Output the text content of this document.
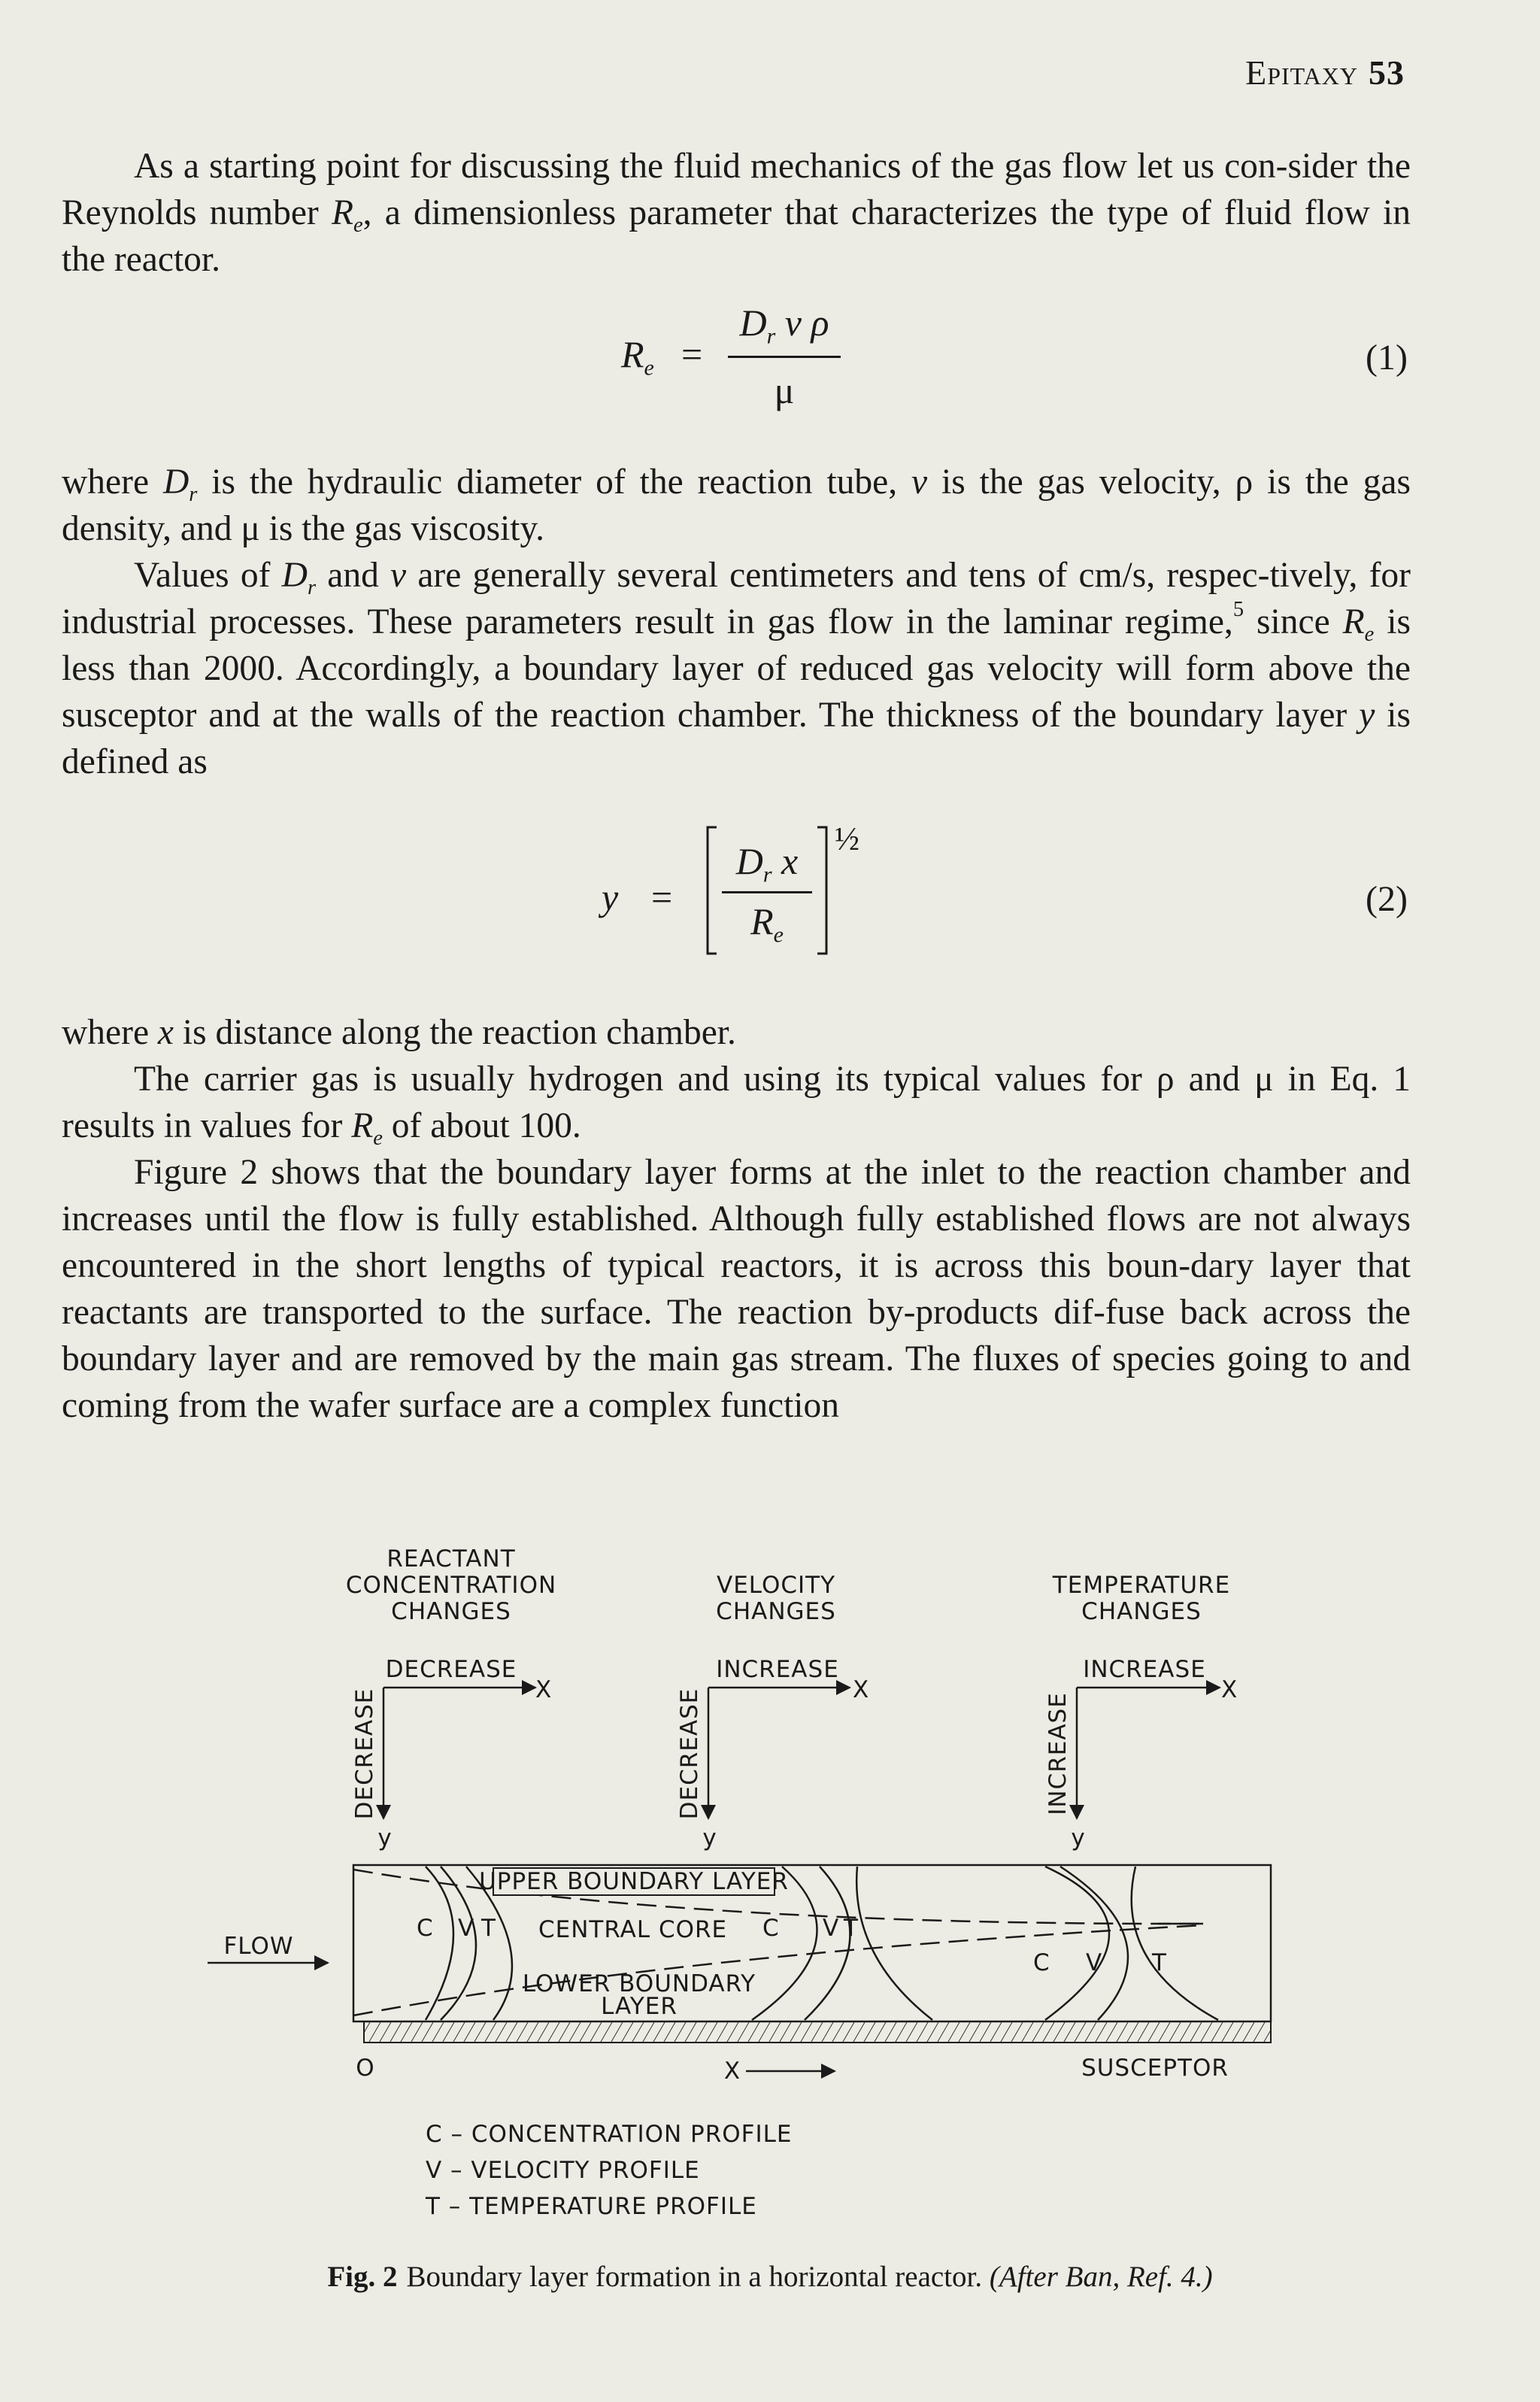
Epitaxy 53

As a starting point for discussing the fluid mechanics of the gas flow let us con-sider the Reynolds number $R_e$, a dimensionless parameter that characterizes the type of fluid flow in the reactor.

$R_e$ =
$D_r$ v ρ
μ
(1)

where $D_r$ is the hydraulic diameter of the reaction tube, v is the gas velocity, ρ is the gas density, and μ is the gas viscosity.

Values of $D_r$ and v are generally several centimeters and tens of cm/s, respec-tively, for industrial processes. These parameters result in gas flow in the laminar regime,$^5$ since $R_e$ is less than 2000. Accordingly, a boundary layer of reduced gas velocity will form above the susceptor and at the walls of the reaction chamber. The thickness of the boundary layer y is defined as

y =
$D_r$ x
$R_e$
½
(2)

where x is distance along the reaction chamber.

The carrier gas is usually hydrogen and using its typical values for ρ and μ in Eq. 1 results in values for $R_e$ of about 100.

Figure 2 shows that the boundary layer forms at the inlet to the reaction chamber and increases until the flow is fully established. Although fully established flows are not always encountered in the short lengths of typical reactors, it is across this boun-dary layer that reactants are transported to the surface. The reaction by-products dif-fuse back across the boundary layer and are removed by the main gas stream. The fluxes of species going to and coming from the wafer surface are a complex function

REACTANT
CONCENTRATION
CHANGES
VELOCITY
CHANGES
TEMPERATURE
CHANGES
DECREASE
X
DECREASE
y
INCREASE
X
DECREASE
y
INCREASE
X
INCREASE
y
FLOW
UPPER BOUNDARY LAYER
CENTRAL CORE
LOWER BOUNDARY
LAYER
C V T	C V T
C V T
O	X	SUSCEPTOR
C – CONCENTRATION PROFILE
V – VELOCITY PROFILE
T – TEMPERATURE PROFILE
Fig. 2 Boundary layer formation in a horizontal reactor. (After Ban, Ref. 4.)
